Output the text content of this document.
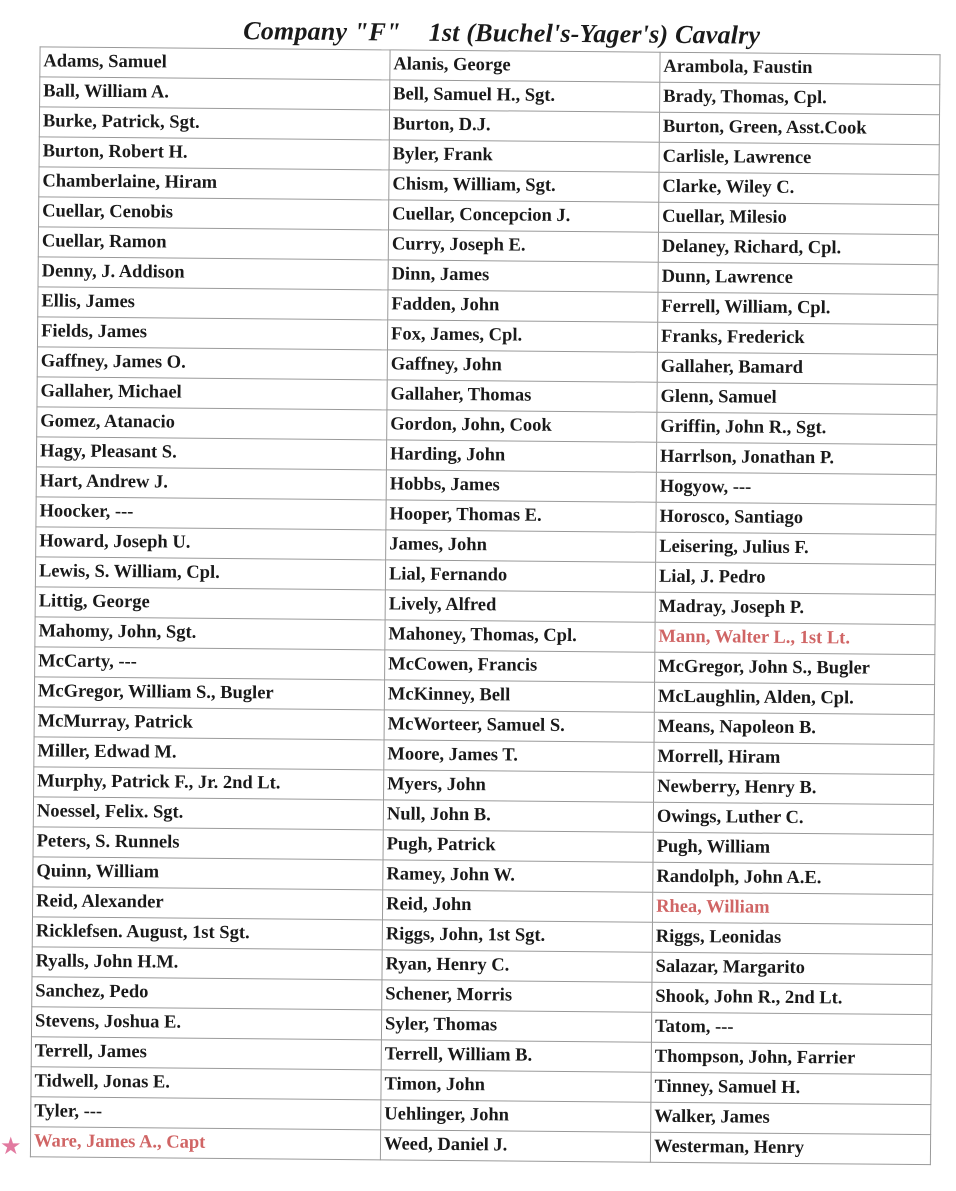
Company "F" 1st (Buchel's-Yager's) Cavalry
Adams, Samuel	Alanis, George	Arambola, Faustin
Ball, William A.	Bell, Samuel H., Sgt.	Brady, Thomas, Cpl.
Burke, Patrick, Sgt.	Burton, D.J.	Burton, Green, Asst.Cook
Burton, Robert H.	Byler, Frank	Carlisle, Lawrence
Chamberlaine, Hiram	Chism, William, Sgt.	Clarke, Wiley C.
Cuellar, Cenobis	Cuellar, Concepcion J.	Cuellar, Milesio
Cuellar, Ramon	Curry, Joseph E.	Delaney, Richard, Cpl.
Denny, J. Addison	Dinn, James	Dunn, Lawrence
Ellis, James	Fadden, John	Ferrell, William, Cpl.
Fields, James	Fox, James, Cpl.	Franks, Frederick
Gaffney, James O.	Gaffney, John	Gallaher, Bamard
Gallaher, Michael	Gallaher, Thomas	Glenn, Samuel
Gomez, Atanacio	Gordon, John, Cook	Griffin, John R., Sgt.
Hagy, Pleasant S.	Harding, John	Harrlson, Jonathan P.
Hart, Andrew J.	Hobbs, James	Hogyow, ---
Hoocker, ---	Hooper, Thomas E.	Horosco, Santiago
Howard, Joseph U.	James, John	Leisering, Julius F.
Lewis, S. William, Cpl.	Lial, Fernando	Lial, J. Pedro
Littig, George	Lively, Alfred	Madray, Joseph P.
Mahomy, John, Sgt.	Mahoney, Thomas, Cpl.	Mann, Walter L., 1st Lt.
McCarty, ---	McCowen, Francis	McGregor, John S., Bugler
McGregor, William S., Bugler	McKinney, Bell	McLaughlin, Alden, Cpl.
McMurray, Patrick	McWorteer, Samuel S.	Means, Napoleon B.
Miller, Edwad M.	Moore, James T.	Morrell, Hiram
Murphy, Patrick F., Jr. 2nd Lt.	Myers, John	Newberry, Henry B.
Noessel, Felix. Sgt.	Null, John B.	Owings, Luther C.
Peters, S. Runnels	Pugh, Patrick	Pugh, William
Quinn, William	Ramey, John W.	Randolph, John A.E.
Reid, Alexander	Reid, John	Rhea, William
Ricklefsen. August, 1st Sgt.	Riggs, John, 1st Sgt.	Riggs, Leonidas
Ryalls, John H.M.	Ryan, Henry C.	Salazar, Margarito
Sanchez, Pedo	Schener, Morris	Shook, John R., 2nd Lt.
Stevens, Joshua E.	Syler, Thomas	Tatom, ---
Terrell, James	Terrell, William B.	Thompson, John, Farrier
Tidwell, Jonas E.	Timon, John	Tinney, Samuel H.
Tyler, ---	Uehlinger, John	Walker, James
Ware, James A., Capt	Weed, Daniel J.	Westerman, Henry
★
